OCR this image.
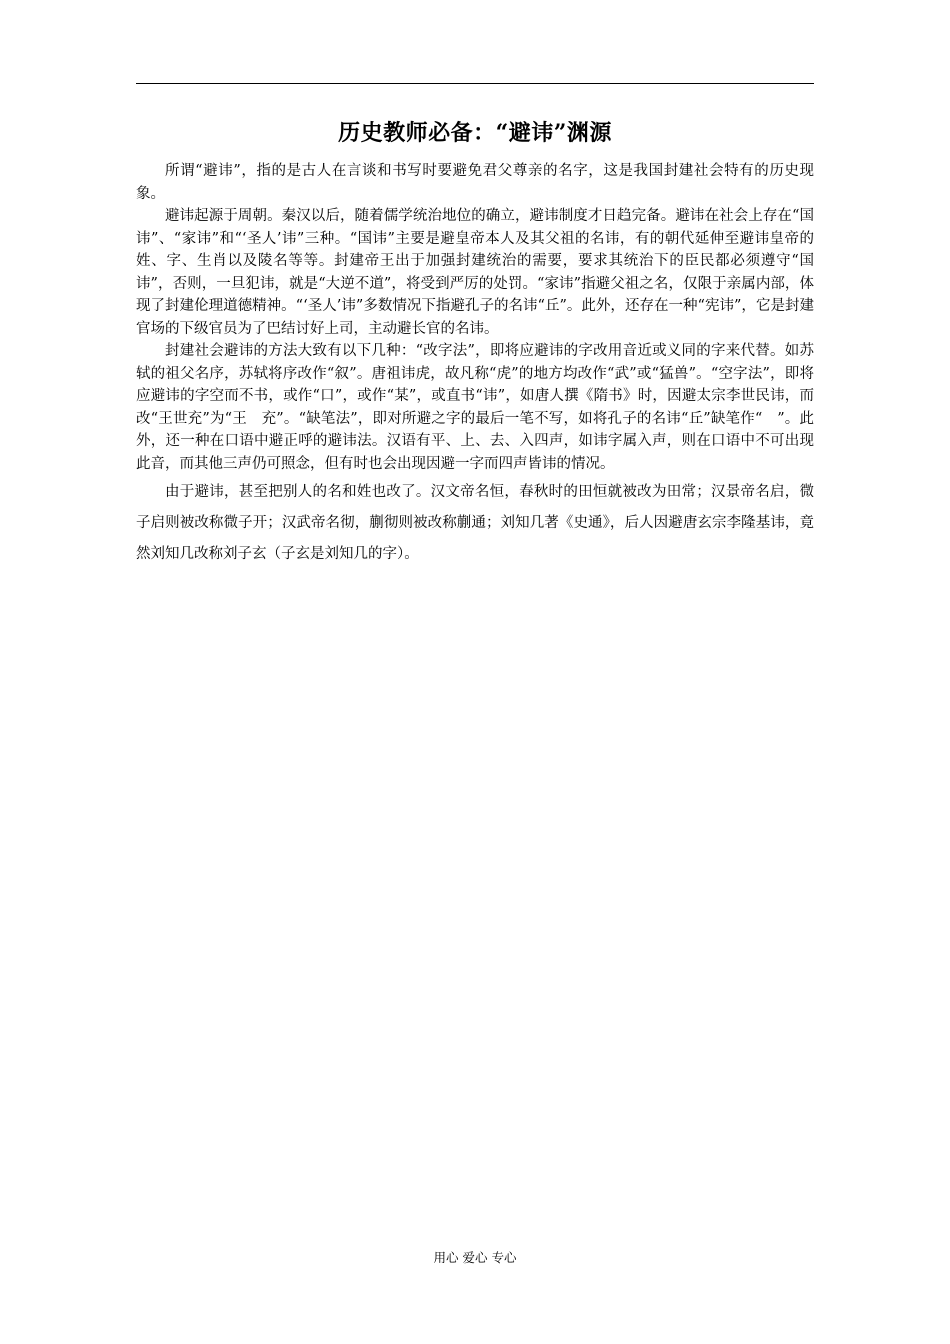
历史教师必备：“避讳”渊源

所谓“避讳”，指的是古人在言谈和书写时要避免君父尊亲的名字，这是我国封建社会特有的历史现象。

避讳起源于周朝。秦汉以后，随着儒学统治地位的确立，避讳制度才日趋完备。避讳在社会上存在“国讳”、“家讳”和“‘圣人’讳”三种。“国讳”主要是避皇帝本人及其父祖的名讳，有的朝代延伸至避讳皇帝的姓、字、生肖以及陵名等等。封建帝王出于加强封建统治的需要，要求其统治下的臣民都必须遵守“国讳”，否则，一旦犯讳，就是“大逆不道”，将受到严厉的处罚。“家讳”指避父祖之名，仅限于亲属内部，体现了封建伦理道德精神。“‘圣人’讳”多数情况下指避孔子的名讳“丘”。此外，还存在一种“宪讳”，它是封建官场的下级官员为了巴结讨好上司，主动避长官的名讳。

封建社会避讳的方法大致有以下几种：“改字法”，即将应避讳的字改用音近或义同的字来代替。如苏轼的祖父名序，苏轼将序改作“叙”。唐祖讳虎，故凡称“虎”的地方均改作“武”或“猛兽”。“空字法”，即将应避讳的字空而不书，或作“口”，或作“某”，或直书“讳”，如唐人撰《隋书》时，因避太宗李世民讳，而改“王世充”为“王　充”。“缺笔法”，即对所避之字的最后一笔不写，如将孔子的名讳“丘”缺笔作“　”。此外，还一种在口语中避正呼的避讳法。汉语有平、上、去、入四声，如讳字属入声，则在口语中不可出现此音，而其他三声仍可照念，但有时也会出现因避一字而四声皆讳的情况。

由于避讳，甚至把别人的名和姓也改了。汉文帝名恒，春秋时的田恒就被改为田常；汉景帝名启，微子启则被改称微子开；汉武帝名彻，蒯彻则被改称蒯通；刘知几著《史通》，后人因避唐玄宗李隆基讳，竟然刘知几改称刘子玄（子玄是刘知几的字）。

用心 爱心 专心
